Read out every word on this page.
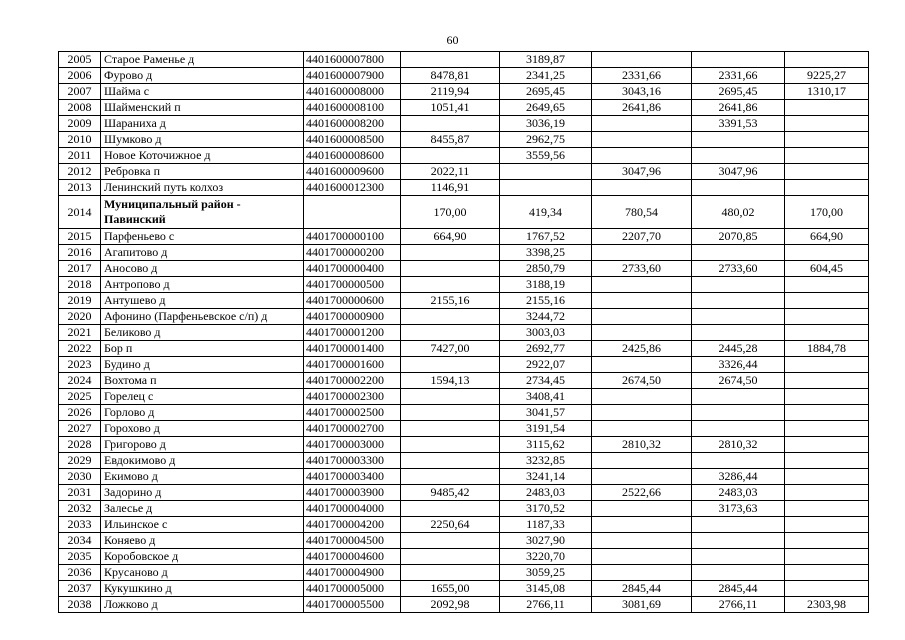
60
2005	Старое Раменье д	4401600007800		3189,87			
2006	Фурово д	4401600007900	8478,81	2341,25	2331,66	2331,66	9225,27
2007	Шайма с	4401600008000	2119,94	2695,45	3043,16	2695,45	1310,17
2008	Шайменский п	4401600008100	1051,41	2649,65	2641,86	2641,86	
2009	Шараниха д	4401600008200		3036,19		3391,53	
2010	Шумково д	4401600008500	8455,87	2962,75			
2011	Новое Коточижное д	4401600008600		3559,56			
2012	Ребровка п	4401600009600	2022,11		3047,96	3047,96	
2013	Ленинский путь колхоз	4401600012300	1146,91				
2014	Муниципальный район - Павинский		170,00	419,34	780,54	480,02	170,00
2015	Парфеньево с	4401700000100	664,90	1767,52	2207,70	2070,85	664,90
2016	Агапитово д	4401700000200		3398,25			
2017	Аносово д	4401700000400		2850,79	2733,60	2733,60	604,45
2018	Антропово д	4401700000500		3188,19			
2019	Антушево д	4401700000600	2155,16	2155,16			
2020	Афонино (Парфеньевское с/п) д	4401700000900		3244,72			
2021	Беликово д	4401700001200		3003,03			
2022	Бор п	4401700001400	7427,00	2692,77	2425,86	2445,28	1884,78
2023	Будино д	4401700001600		2922,07		3326,44	
2024	Вохтома п	4401700002200	1594,13	2734,45	2674,50	2674,50	
2025	Горелец с	4401700002300		3408,41			
2026	Горлово д	4401700002500		3041,57			
2027	Горохово д	4401700002700		3191,54			
2028	Григорово д	4401700003000		3115,62	2810,32	2810,32	
2029	Евдокимово д	4401700003300		3232,85			
2030	Екимово д	4401700003400		3241,14		3286,44	
2031	Задорино д	4401700003900	9485,42	2483,03	2522,66	2483,03	
2032	Залесье д	4401700004000		3170,52		3173,63	
2033	Ильинское с	4401700004200	2250,64	1187,33			
2034	Коняево д	4401700004500		3027,90			
2035	Коробовское д	4401700004600		3220,70			
2036	Крусаново д	4401700004900		3059,25			
2037	Кукушкино д	4401700005000	1655,00	3145,08	2845,44	2845,44	
2038	Ложково д	4401700005500	2092,98	2766,11	3081,69	2766,11	2303,98
